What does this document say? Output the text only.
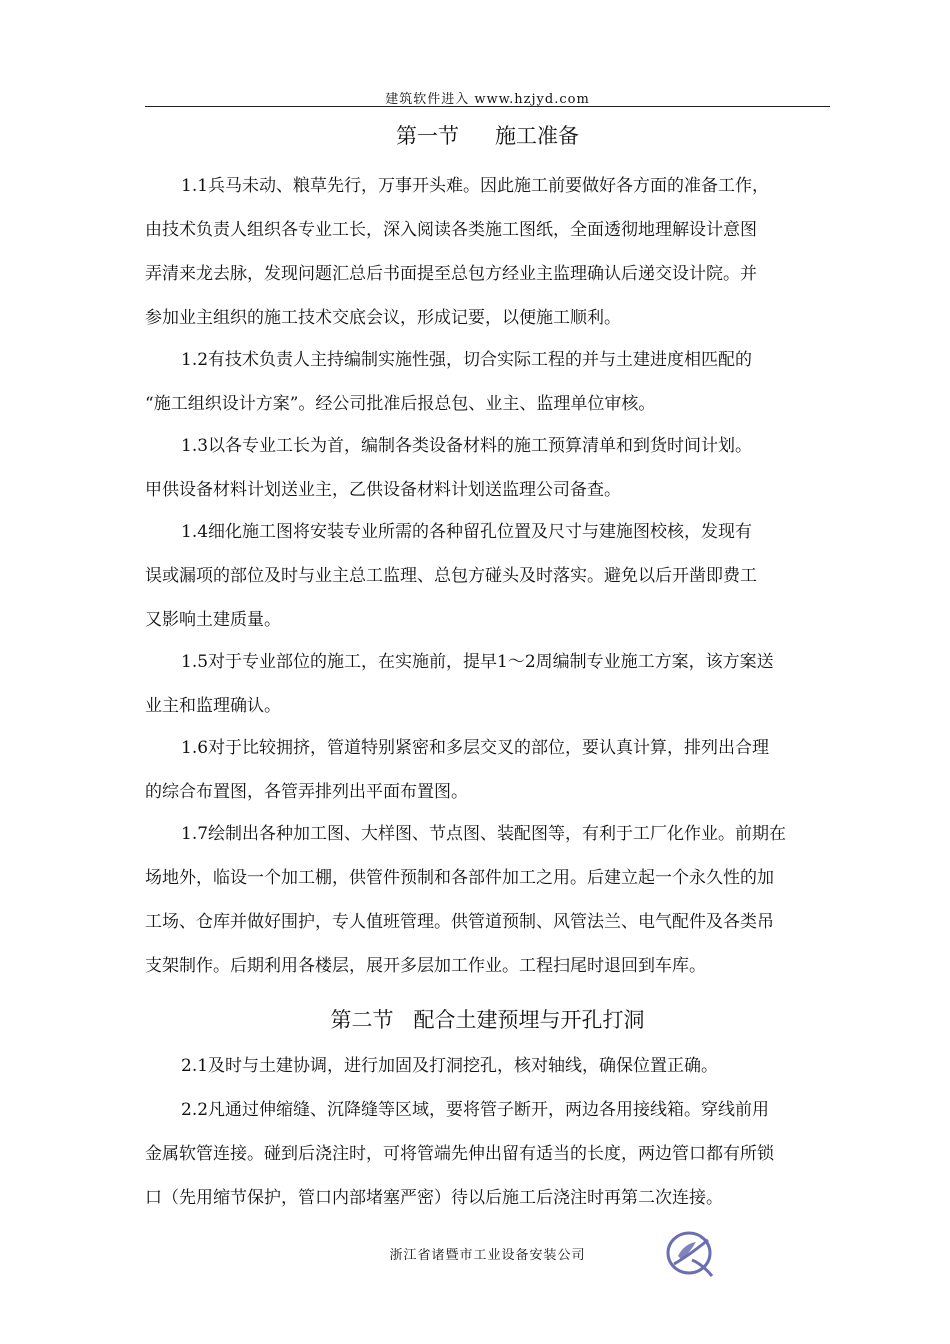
建筑软件进入 www.hzjyd.com
第一节 施工准备
1.1兵马未动、粮草先行，万事开头难。因此施工前要做好各方面的准备工作，
由技术负责人组织各专业工长，深入阅读各类施工图纸，全面透彻地理解设计意图
弄清来龙去脉，发现问题汇总后书面提至总包方经业主监理确认后递交设计院。并
参加业主组织的施工技术交底会议，形成记要，以便施工顺利。
1.2有技术负责人主持编制实施性强，切合实际工程的并与土建进度相匹配的
“施工组织设计方案”。经公司批准后报总包、业主、监理单位审核。
1.3以各专业工长为首，编制各类设备材料的施工预算清单和到货时间计划。
甲供设备材料计划送业主，乙供设备材料计划送监理公司备查。
1.4细化施工图将安装专业所需的各种留孔位置及尺寸与建施图校核，发现有
误或漏项的部位及时与业主总工监理、总包方碰头及时落实。避免以后开凿即费工
又影响土建质量。
1.5对于专业部位的施工，在实施前，提早1～2周编制专业施工方案，该方案送
业主和监理确认。
1.6对于比较拥挤，管道特别紧密和多层交叉的部位，要认真计算，排列出合理
的综合布置图，各管弄排列出平面布置图。
1.7绘制出各种加工图、大样图、节点图、装配图等，有利于工厂化作业。前期在
场地外，临设一个加工棚，供管件预制和各部件加工之用。后建立起一个永久性的加
工场、仓库并做好围护，专人值班管理。供管道预制、风管法兰、电气配件及各类吊
支架制作。后期利用各楼层，展开多层加工作业。工程扫尾时退回到车库。
第二节 配合土建预埋与开孔打洞
2.1及时与土建协调，进行加固及打洞挖孔，核对轴线，确保位置正确。
2.2凡通过伸缩缝、沉降缝等区域，要将管子断开，两边各用接线箱。穿线前用
金属软管连接。碰到后浇注时，可将管端先伸出留有适当的长度，两边管口都有所锁
口（先用缩节保护，管口内部堵塞严密）待以后施工后浇注时再第二次连接。
浙江省诸暨市工业设备安装公司
